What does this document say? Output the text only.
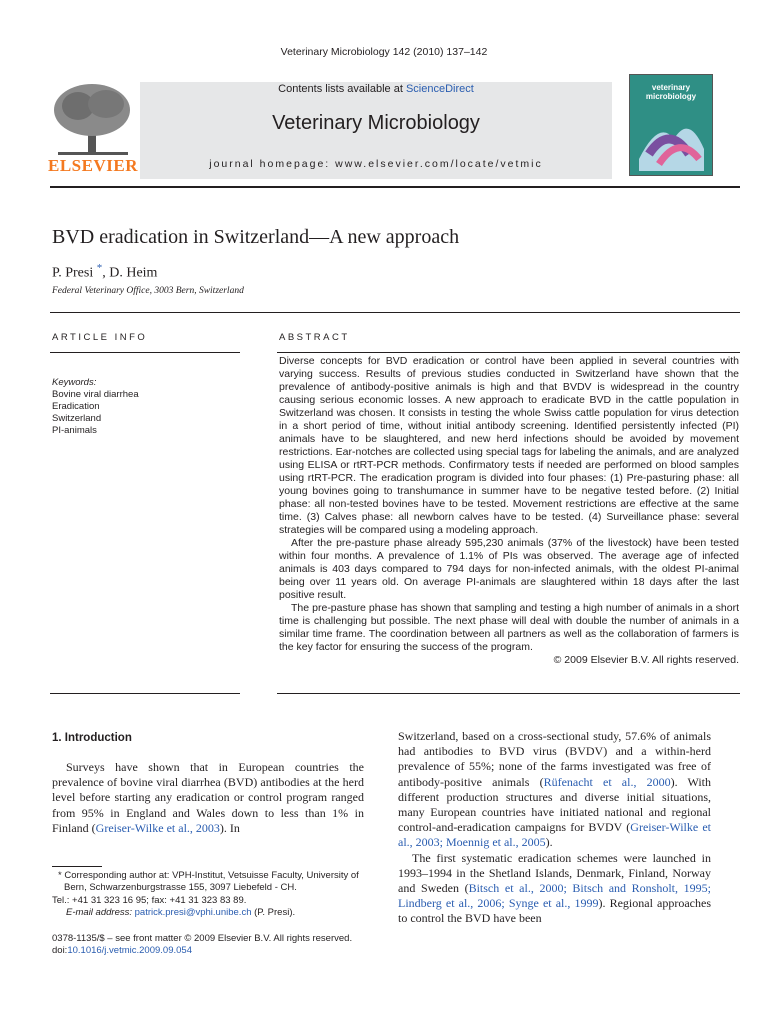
Veterinary Microbiology 142 (2010) 137–142
ELSEVIER
Contents lists available at ScienceDirect
Veterinary Microbiology
journal homepage: www.elsevier.com/locate/vetmic
veterinary microbiology
BVD eradication in Switzerland—A new approach
P. Presi *, D. Heim
Federal Veterinary Office, 3003 Bern, Switzerland
ARTICLE INFO
Keywords:
Bovine viral diarrhea
Eradication
Switzerland
PI-animals
ABSTRACT

Diverse concepts for BVD eradication or control have been applied in several countries with varying success. Results of previous studies conducted in Switzerland have shown that the prevalence of antibody-positive animals is high and that BVDV is widespread in the country causing serious economic losses. A new approach to eradicate BVD in the cattle population in Switzerland was chosen. It consists in testing the whole Swiss cattle population for virus detection in a short period of time, without initial antibody screening. Identified persistently infected (PI) animals have to be slaughtered, and new herd infections should be avoided by movement restrictions. Ear-notches are collected using special tags for labeling the animals, and are analyzed using ELISA or rtRT-PCR methods. Confirmatory tests if needed are performed on blood samples using rtRT-PCR. The eradication program is divided into four phases: (1) Pre-pasturing phase: all young bovines going to transhumance in summer have to be negative tested before. (2) Initial phase: all non-tested bovines have to be tested. Movement restrictions are effective at the same time. (3) Calves phase: all newborn calves have to be tested. (4) Surveillance phase: several strategies will be compared using a modeling approach.

After the pre-pasture phase already 595,230 animals (37% of the livestock) have been tested within four months. A prevalence of 1.1% of PIs was observed. The average age of infected animals is 403 days compared to 794 days for non-infected animals, with the oldest PI-animal being over 11 years old. On average PI-animals are slaughtered within 18 days after the last positive result.

The pre-pasture phase has shown that sampling and testing a high number of animals in a short time is challenging but possible. The next phase will deal with double the number of animals in a similar time frame. The coordination between all partners as well as the collaboration of farmers is the key factor for ensuring the success of the program.

© 2009 Elsevier B.V. All rights reserved.
1. Introduction

Surveys have shown that in European countries the prevalence of bovine viral diarrhea (BVD) antibodies at the herd level before starting any eradication or control program ranged from 95% in England and Wales down to less than 1% in Finland (Greiser-Wilke et al., 2003). In

* Corresponding author at: VPH-Institut, Vetsuisse Faculty, University of Bern, Schwarzenburgstrasse 155, 3097 Liebefeld - CH.
Tel.: +41 31 323 16 95; fax: +41 31 323 83 89.
E-mail address: patrick.presi@vphi.unibe.ch (P. Presi).
0378-1135/$ – see front matter © 2009 Elsevier B.V. All rights reserved.
doi:10.1016/j.vetmic.2009.09.054

Switzerland, based on a cross-sectional study, 57.6% of animals had antibodies to BVD virus (BVDV) and a within-herd prevalence of 55%; none of the farms investigated was free of antibody-positive animals (Rüfenacht et al., 2000). With different production structures and diverse initial situations, many European countries have initiated national and regional control-and-eradication campaigns for BVDV (Greiser-Wilke et al., 2003; Moennig et al., 2005).

The first systematic eradication schemes were launched in 1993–1994 in the Shetland Islands, Denmark, Finland, Norway and Sweden (Bitsch et al., 2000; Bitsch and Ronsholt, 1995; Lindberg et al., 2006; Synge et al., 1999). Regional approaches to control the BVD have been
